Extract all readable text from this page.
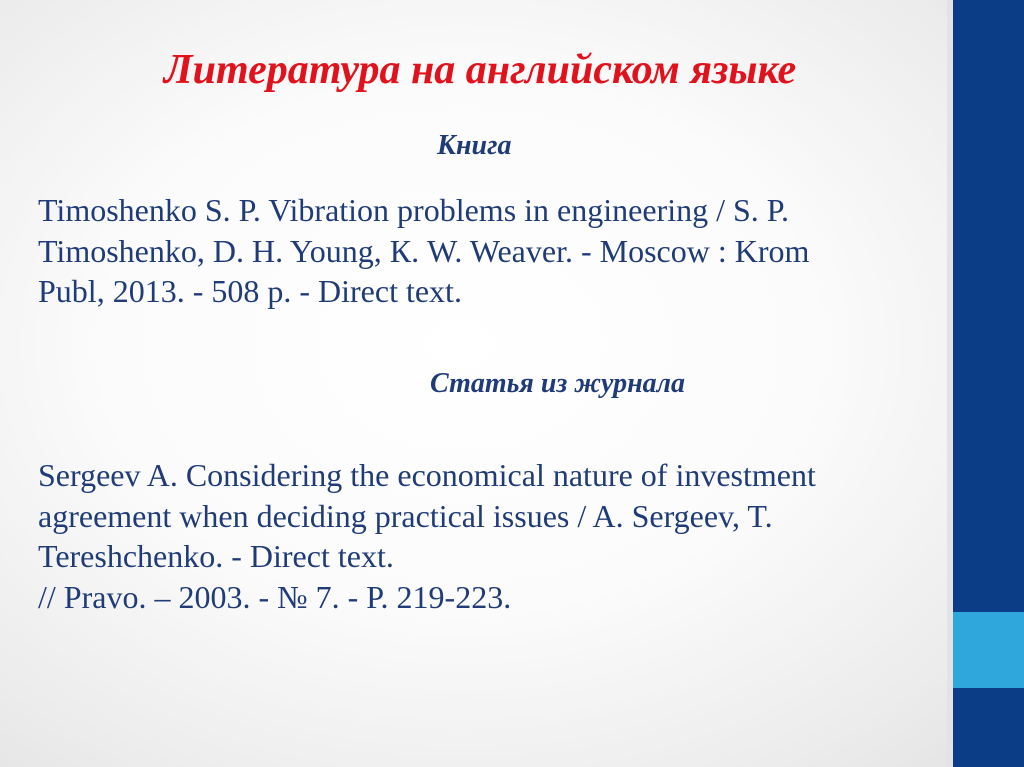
Литература на английском языке
Книга

Timoshenko S. P. Vibration problems in engineering / S. P.
Timoshenko, D. H. Young, К. W. Weaver. - Moscow : Krom
Publ, 2013. - 508 p. - Direct text.

Статья из журнала

Sergeev A. Considering the economical nature of investment
agreement when deciding practical issues / A. Sergeev, T.
Tereshchenko. - Direct text.
// Pravo. – 2003. - № 7. - P. 219-223.
